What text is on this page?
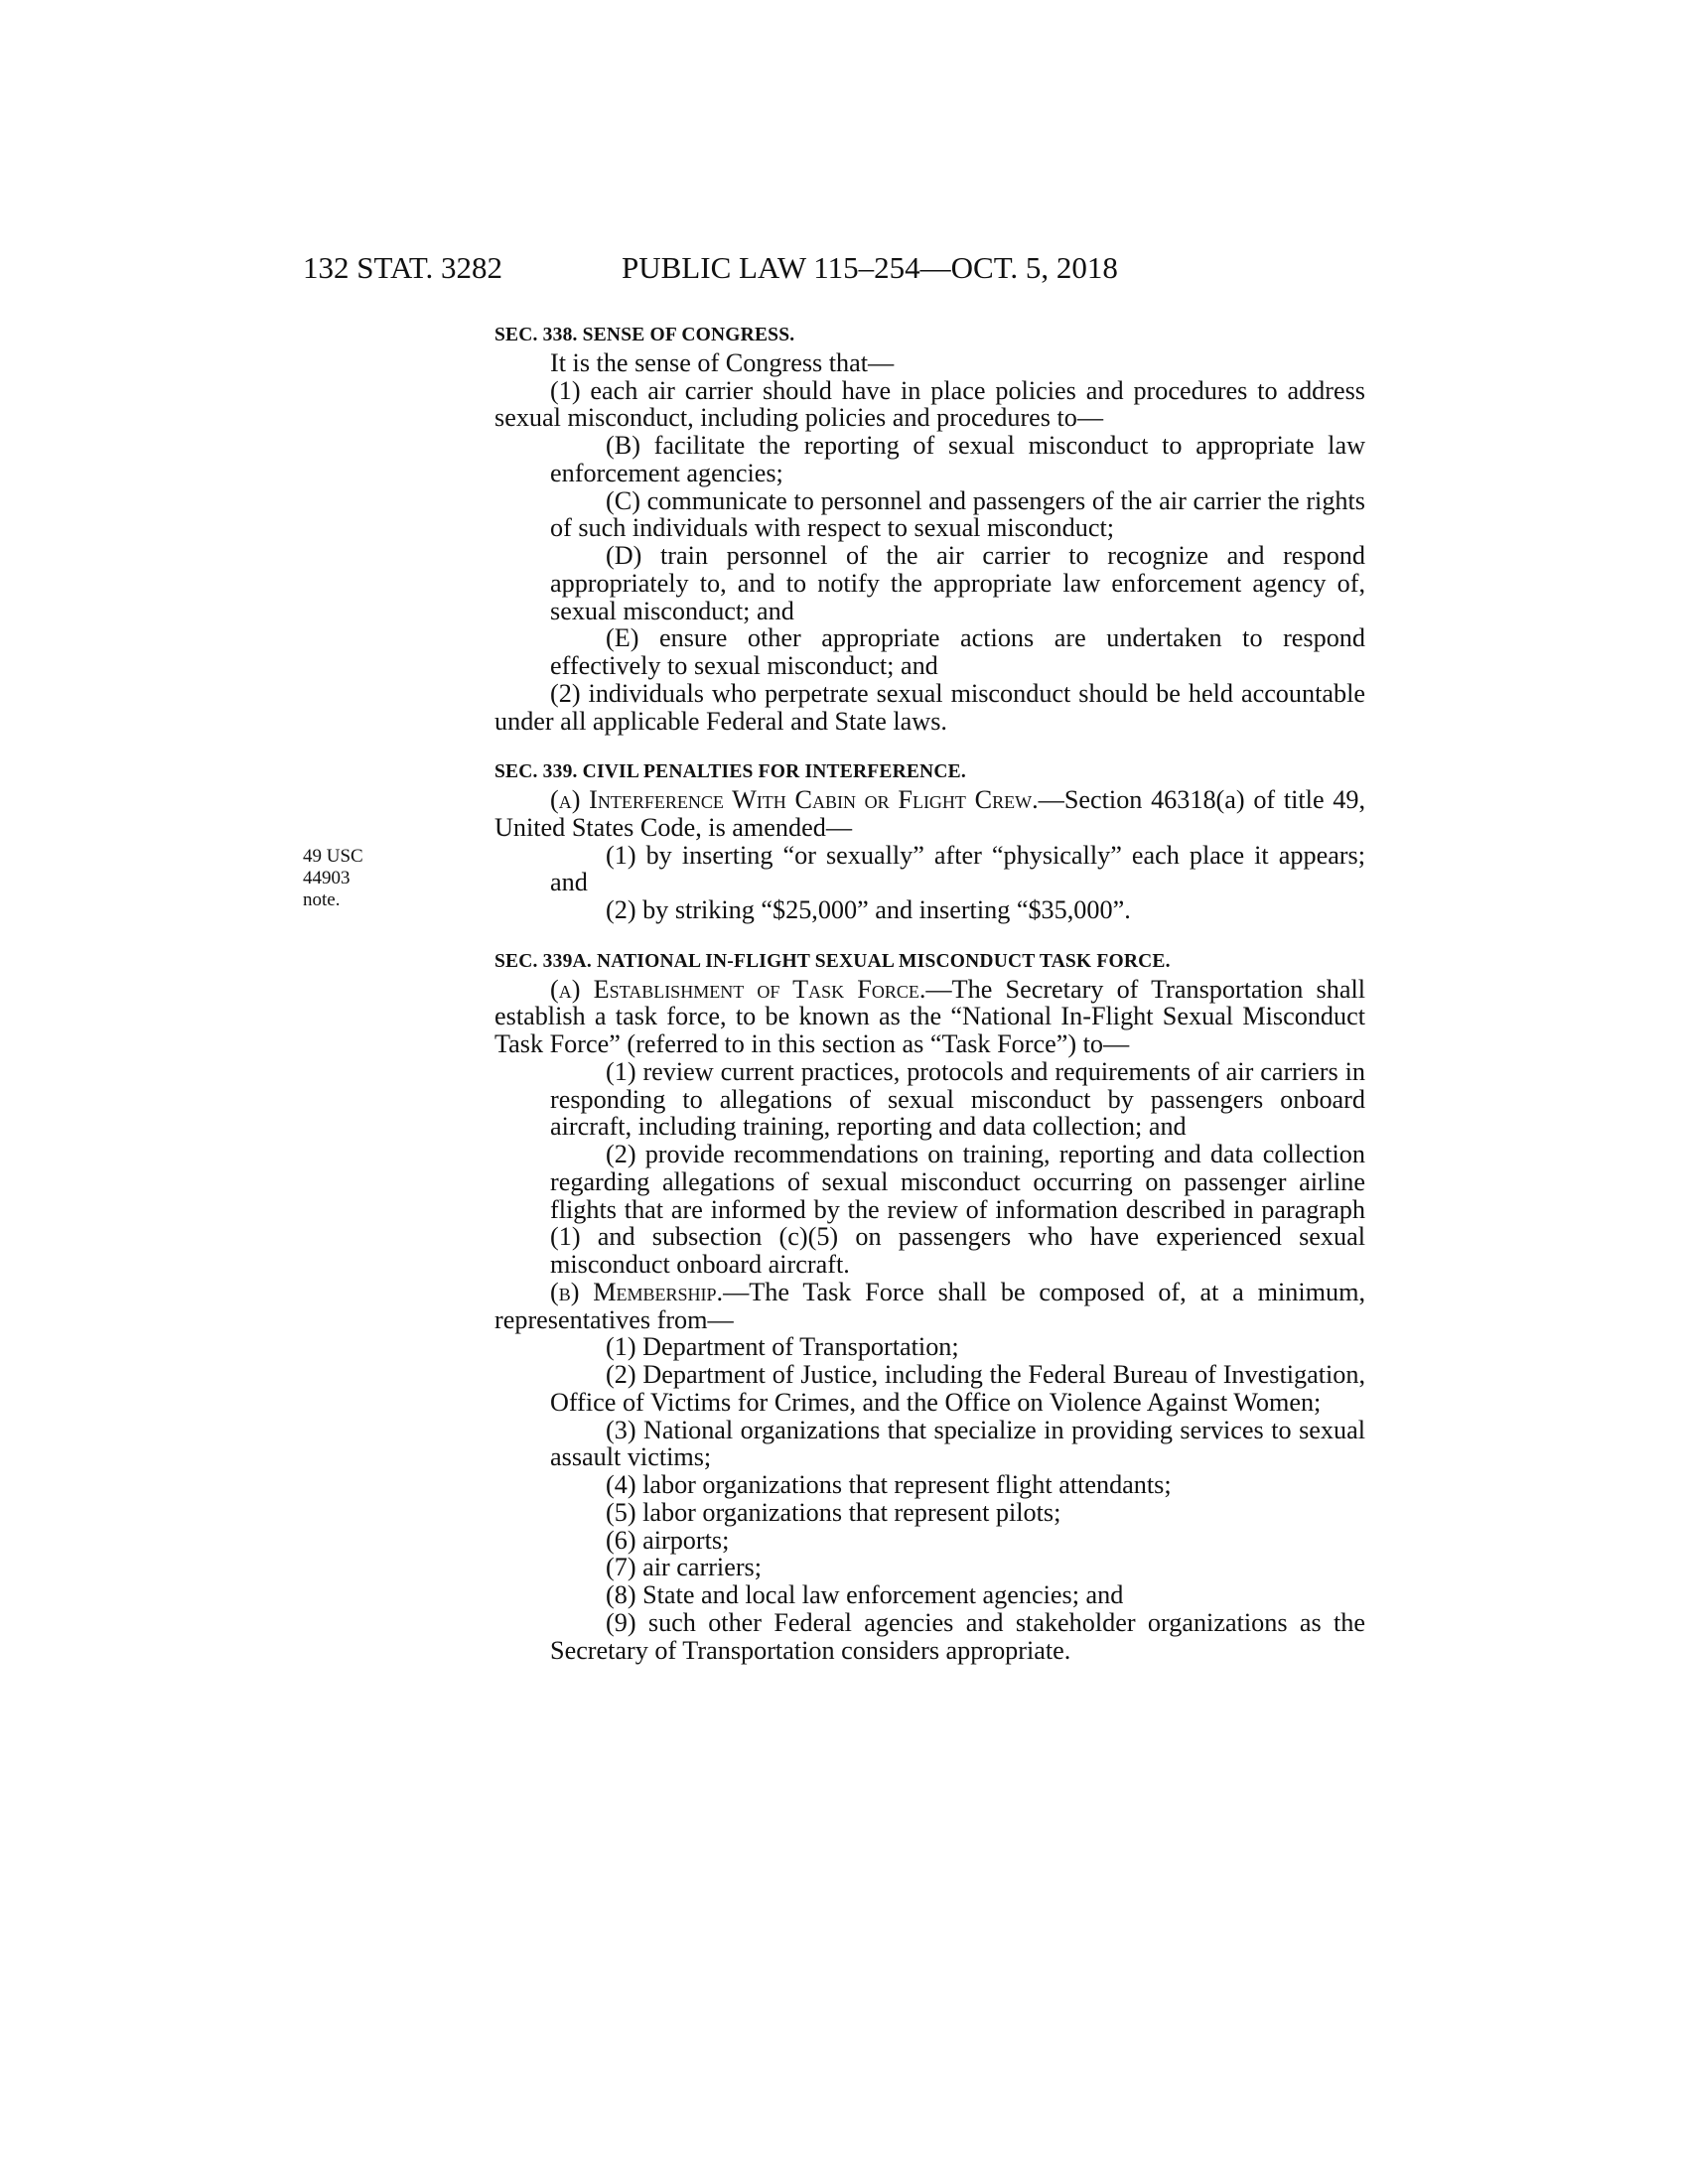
132 STAT. 3282	PUBLIC LAW 115–254—OCT. 5, 2018
49 USC 44903
note.
SEC. 338. SENSE OF CONGRESS.

It is the sense of Congress that—

(1) each air carrier should have in place policies and procedures to address sexual misconduct, including policies and procedures to—

(B) facilitate the reporting of sexual misconduct to appropriate law enforcement agencies;

(C) communicate to personnel and passengers of the air carrier the rights of such individuals with respect to sexual misconduct;

(D) train personnel of the air carrier to recognize and respond appropriately to, and to notify the appropriate law enforcement agency of, sexual misconduct; and

(E) ensure other appropriate actions are undertaken to respond effectively to sexual misconduct; and

(2) individuals who perpetrate sexual misconduct should be held accountable under all applicable Federal and State laws.

SEC. 339. CIVIL PENALTIES FOR INTERFERENCE.

(a) Interference With Cabin or Flight Crew.—Section 46318(a) of title 49, United States Code, is amended—

(1) by inserting “or sexually” after “physically” each place it appears; and

(2) by striking “$25,000” and inserting “$35,000”.

SEC. 339A. NATIONAL IN-FLIGHT SEXUAL MISCONDUCT TASK FORCE.

(a) Establishment of Task Force.—The Secretary of Transportation shall establish a task force, to be known as the “National In-Flight Sexual Misconduct Task Force” (referred to in this section as “Task Force”) to—

(1) review current practices, protocols and requirements of air carriers in responding to allegations of sexual misconduct by passengers onboard aircraft, including training, reporting and data collection; and

(2) provide recommendations on training, reporting and data collection regarding allegations of sexual misconduct occurring on passenger airline flights that are informed by the review of information described in paragraph (1) and subsection (c)(5) on passengers who have experienced sexual misconduct onboard aircraft.

(b) Membership.—The Task Force shall be composed of, at a minimum, representatives from—

(1) Department of Transportation;

(2) Department of Justice, including the Federal Bureau of Investigation, Office of Victims for Crimes, and the Office on Violence Against Women;

(3) National organizations that specialize in providing services to sexual assault victims;

(4) labor organizations that represent flight attendants;

(5) labor organizations that represent pilots;

(6) airports;

(7) air carriers;

(8) State and local law enforcement agencies; and

(9) such other Federal agencies and stakeholder organizations as the Secretary of Transportation considers appropriate.
